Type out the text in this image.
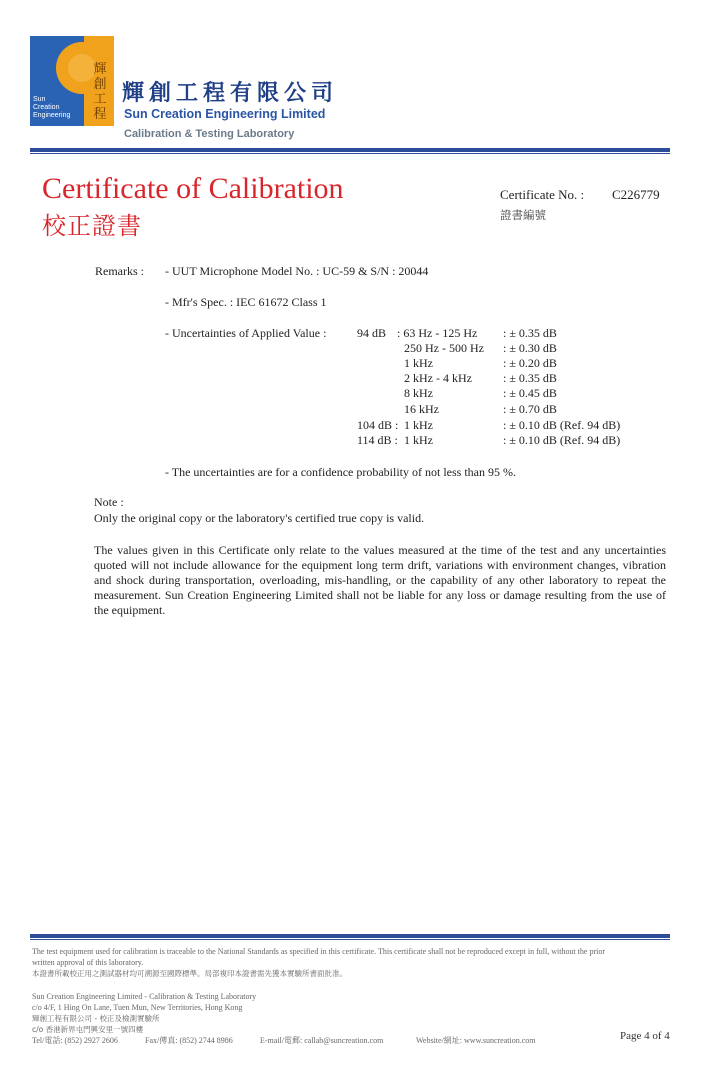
輝
創
工
程
Sun
Creation
Engineering
輝創工程有限公司
Sun Creation Engineering Limited
Calibration & Testing Laboratory
Certificate of Calibration
校正證書
Certificate No. : C226779
證書編號
Remarks : - UUT Microphone Model No. : UC-59 & S/N : 20044
- Mfr's Spec. : IEC 61672 Class 1
- Uncertainties of Applied Value :	94 dB : 63 Hz - 125 Hz : ± 0.35 dB
250 Hz - 500 Hz : ± 0.30 dB
1 kHz	: ± 0.20 dB
2 kHz - 4 kHz	: ± 0.35 dB
8 kHz	: ± 0.45 dB
16 kHz	: ± 0.70 dB
104 dB : 1 kHz	: ± 0.10 dB (Ref. 94 dB)
114 dB : 1 kHz	: ± 0.10 dB (Ref. 94 dB)
- The uncertainties are for a confidence probability of not less than 95 %.
Note :
Only the original copy or the laboratory's certified true copy is valid.
The values given in this Certificate only relate to the values measured at the time of the test and any uncertainties quoted will not include allowance for the equipment long term drift, variations with environment changes, vibration and shock during transportation, overloading, mis-handling, or the capability of any other laboratory to repeat the measurement. Sun Creation Engineering Limited shall not be liable for any loss or damage resulting from the use of the equipment.
The test equipment used for calibration is traceable to the National Standards as specified in this certificate. This certificate shall not be reproduced except in full, without the prior
written approval of this laboratory.
本證書所載校正用之測試器材均可溯源至國際標準。局部複印本證書需先獲本實驗所書面批准。
Sun Creation Engineering Limited - Calibration & Testing Laboratory
c/o 4/F, 1 Hing On Lane, Tuen Mun, New Territories, Hong Kong
輝創工程有限公司 - 校正及檢測實驗所
c/o 香港新界屯門興安里一號四樓
Tel/電話: (852) 2927 2606	Fax/傳真: (852) 2744 8986	E-mail/電郵: callab@suncreation.com	Website/網址: www.suncreation.com	Page 4 of 4
